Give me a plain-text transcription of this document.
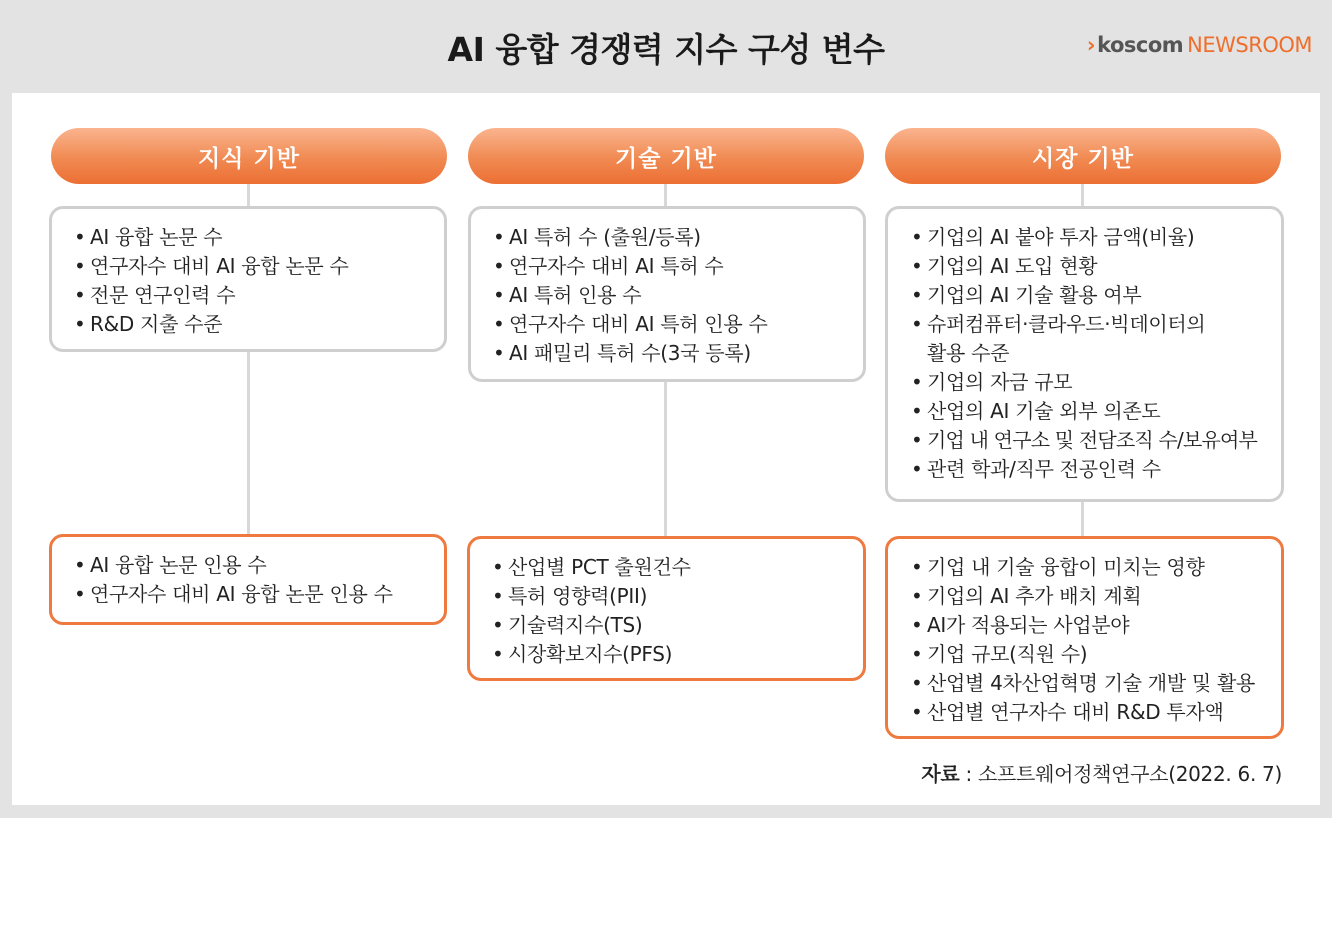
AI 융합 경쟁력 지수 구성 변수	› koscom NEWSROOM
지식 기반
• AI 융합 논문 수
• 연구자수 대비 AI 융합 논문 수
• 전문 연구인력 수
• R&D 지출 수준
• AI 융합 논문 인용 수
• 연구자수 대비 AI 융합 논문 인용 수
기술 기반
• AI 특허 수 (출원/등록)
• 연구자수 대비 AI 특허 수
• AI 특허 인용 수
• 연구자수 대비 AI 특허 인용 수
• AI 패밀리 특허 수(3국 등록)
• 산업별 PCT 출원건수
• 특허 영향력(PII)
• 기술력지수(TS)
• 시장확보지수(PFS)
시장 기반
• 기업의 AI 붙야 투자 금액(비율)
• 기업의 AI 도입 현황
• 기업의 AI 기술 활용 여부
• 슈퍼컴퓨터·클라우드·빅데이터의
활용 수준
• 기업의 자금 규모
• 산업의 AI 기술 외부 의존도
• 기업 내 연구소 및 전담조직 수/보유여부
• 관련 학과/직무 전공인력 수
• 기업 내 기술 융합이 미치는 영향
• 기업의 AI 추가 배치 계획
• AI가 적용되는 사업분야
• 기업 규모(직원 수)
• 산업별 4차산업혁명 기술 개발 및 활용
• 산업별 연구자수 대비 R&D 투자액
자료 : 소프트웨어정책연구소(2022. 6. 7)
